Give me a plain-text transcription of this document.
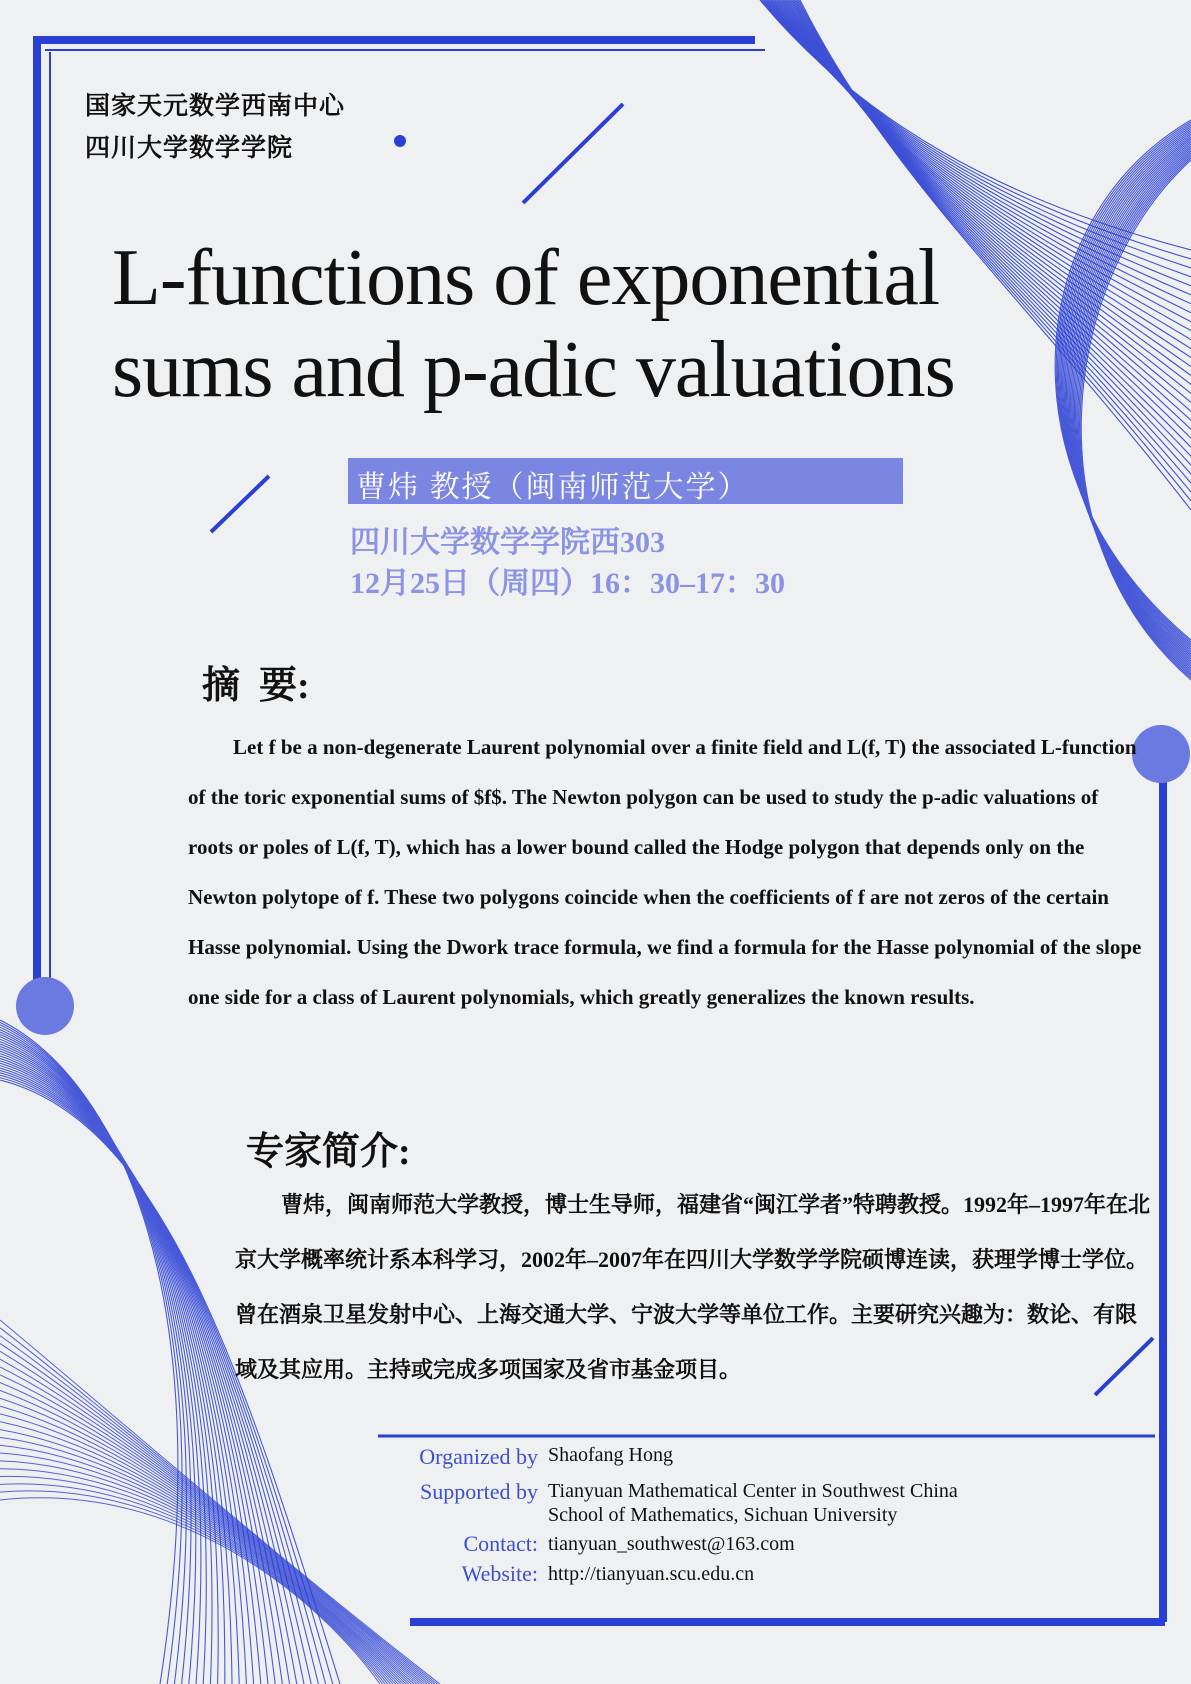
国家天元数学西南中心
四川大学数学学院
L-functions of exponential
sums and p-adic valuations
曹炜 教授（闽南师范大学）
四川大学数学学院西303
12月25日（周四）16：30–17：30
摘  要:

Let f be a non-degenerate Laurent polynomial over a finite field and L(f, T) the associated L-function of the toric exponential sums of $f$. The Newton polygon can be used to study the p-adic valuations of roots or poles of L(f, T), which has a lower bound called the Hodge polygon that depends only on the Newton polytope of f. These two polygons coincide when the coefficients of f are not zeros of the certain Hasse polynomial. Using the Dwork trace formula, we find a formula for the Hasse polynomial of the slope one side for a class of Laurent polynomials, which greatly generalizes the known results.

专家简介:

曹炜，闽南师范大学教授，博士生导师，福建省“闽江学者”特聘教授。1992年–1997年在北京大学概率统计系本科学习，2002年–2007年在四川大学数学学院硕博连读，获理学博士学位。曾在酒泉卫星发射中心、上海交通大学、宁波大学等单位工作。主要研究兴趣为：数论、有限域及其应用。主持或完成多项国家及省市基金项目。

Organized by Shaofang Hong
Supported by Tianyuan Mathematical Center in Southwest China
School of Mathematics, Sichuan University
Contact: tianyuan_southwest@163.com
Website: http://tianyuan.scu.edu.cn
